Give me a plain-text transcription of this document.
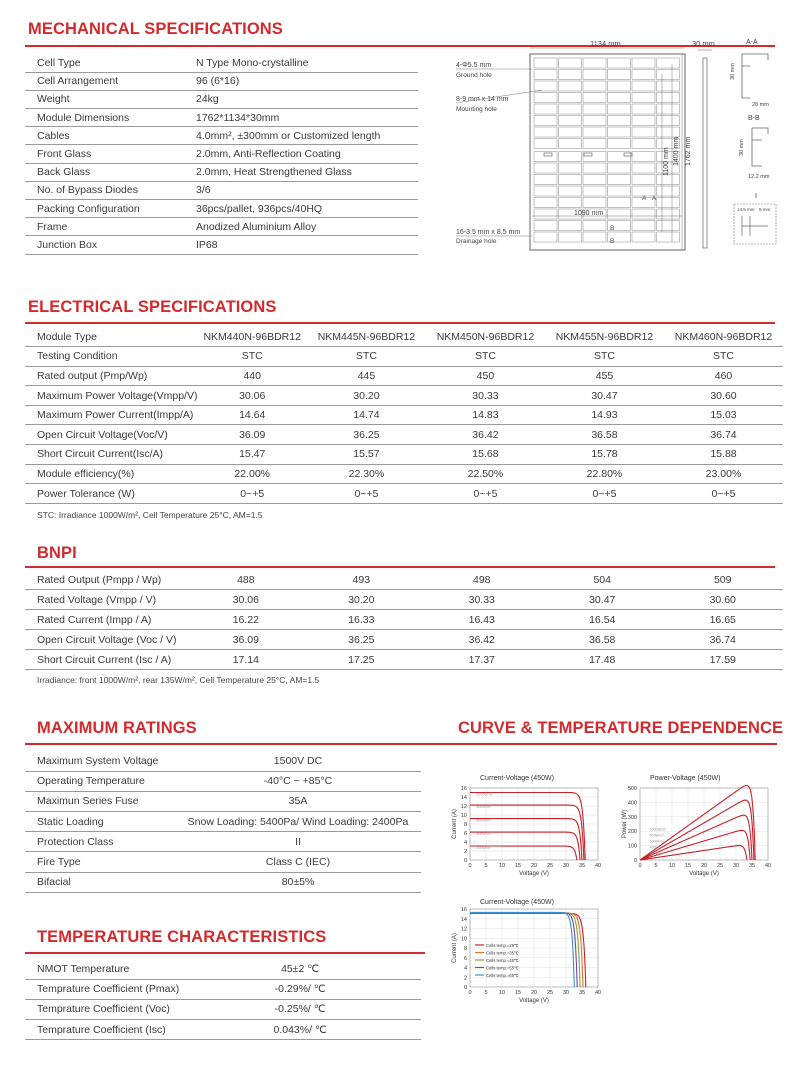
MECHANICAL SPECIFICATIONS
Cell Type	N Type Mono-crystalline
Cell Arrangement	96 (6*16)
Weight	24kg
Module Dimensions	1762*1134*30mm
Cables	4.0mm², ±300mm or Customized length
Front Glass	2.0mm, Anti-Reflection Coating
Back Glass	2.0mm, Heat Strengthened Glass
No. of Bypass Diodes	3/6
Packing Configuration	36pcs/pallet, 936pcs/40HQ
Frame	Anodized Aluminium Alloy
Junction Box	IP68
1134 mm	30 mm
1100 mm 1400 mm 1762 mm
1090 mm
A A
B
B
4-Φ5.5 mm
Ground hole
8-9 mm x 14 mm
Mounting hole
16-3.5 mm x 8.5 mm
Drainage hole
A-A
30 mm
28 mm
B-B
30 mm
12.2 mm
I
14.5 mm 9 mm
ELECTRICAL SPECIFICATIONS
Module Type	NKM440N-96BDR12	NKM445N-96BDR12	NKM450N-96BDR12	NKM455N-96BDR12	NKM460N-96BDR12
Testing Condition	STC	STC	STC	STC	STC
Rated output (Pmp/Wp)	440	445	450	455	460
Maximum Power Voltage(Vmpp/V)	30.06	30.20	30.33	30.47	30.60
Maximum Power Current(Impp/A)	14.64	14.74	14.83	14.93	15.03
Open Circuit Voltage(Voc/V)	36.09	36.25	36.42	36.58	36.74
Short Circuit Current(Isc/A)	15.47	15.57	15.68	15.78	15.88
Module efficiency(%)	22.00%	22.30%	22.50%	22.80%	23.00%
Power Tolerance (W)	0~+5	0~+5	0~+5	0~+5	0~+5
STC: Irradiance 1000W/m², Cell Temperature 25°C, AM=1.5
BNPI
Rated Output (Pmpp / Wp)	488	493	498	504	509
Rated Voltage (Vmpp / V)	30.06	30.20	30.33	30.47	30.60
Rated Current (Impp / A)	16.22	16.33	16.43	16.54	16.65
Open Circuit Voltage (Voc / V)	36.09	36.25	36.42	36.58	36.74
Short Circuit Current (Isc / A)	17.14	17.25	17.37	17.48	17.59
Irradiance: front 1000W/m², rear 135W/m², Cell Temperature 25°C, AM=1.5
MAXIMUM RATINGS
Maximum System Voltage	1500V DC
Operating Temperature	-40°C ~ +85°C
Maximun Series Fuse	35A
Static Loading	Snow Loading: 5400Pa/ Wind Loading: 2400Pa
Protection Class	II
Fire Type	Class C (IEC)
Bifacial	80±5%
TEMPERATURE CHARACTERISTICS
NMOT Temperature	45±2 ℃
Temprature Coefficient (Pmax)	-0.29%/ ℃
Temprature Coefficient (Voc)	-0.25%/ ℃
Temprature Coefficient (Isc)	0.043%/ ℃
CURVE & TEMPERATURE DEPENDENCE
Current-Voltage (450W)
0
2
4
6
8
10
12
14
16
0 5 10 15 20 25 30 35 40
Voltage (V)
Current (A)
1000W/m²
800W/m²
600W/m²
400W/m²
200W/m²
Power-Voltage (450W)
0
100
200
300
400
500
0 5 10 15 20 25 30 35 40
Voltage (V)
Power (W)	1000W/m²
800W/m²
600W/m²
400W/m²
200W/m²
Current-Voltage (450W)
0
2
4
6
8
10
12
14
16
0 5 10 15 20 25 30 35 40
Voltage (V)
Current (A)	Cells temp.=25℃
Cells temp.=35℃
Cells temp.=45℃
Cells temp.=55℃
Cells temp.=65℃
